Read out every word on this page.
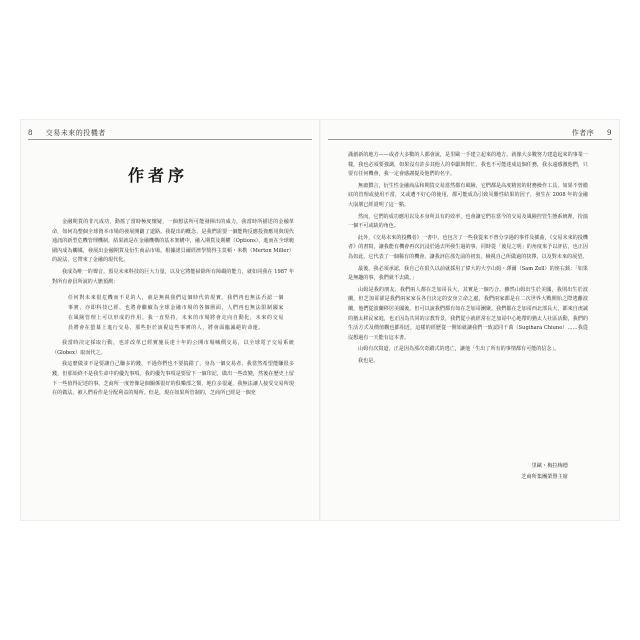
8 交易未來的投機者	作者序 9
作者序

金融期貨的非凡成功，動搖了當時極度懷疑，一個想法所可能發揮出的威力，我當時所描述的金融革命，如何為整個全球資本市場的發展開闢了道路。我提出的概念，是我們需要一個能夠反應投資應用與現代通訊的新型危機管理機制，結果就是在金融機構的基本架構中，融入期貨及期權（Options），進而在全球範圍內成為觸媒，發展出金融期貨及衍生商品市場。根據諾貝爾經濟學獎得主莫頓・米勒（Merton Miller）的說法，它帶來了金融的現代化。

我成為唯一的聲音，預見未來科技的巨大力量，以及它將能掃除所有障礙的能力，就如同我在 1987 年對所有會員所說的大膽預測：

任何對未來很危機而不見的人，就是無視我們這個時代的現實。我們再也無法否認一個事實，亦即科技已經、也將會繼續為全球金融市場的各個層面，人們再也無法限制國家在風險管理上可以形成的作用。我一直堅持，未來的市場將會走向自動化，未來的交易員將會在螢幕上進行交易，那些拒於該視這些事實的人，將會面臨滅絕的命運。

我當時決定採取行動，也許改革已經實施長達十年的公開市場喊價交易，以全球電子交易系統（Globex）取而代之。

我這麼做並不是要讓自己賺多的錢，不過你們也不要搞錯了，身為一個交易者，我當然希望能賺很多錢，但那始終不是我生命中的優先事項。我的優先事項是要留下一個印記，做出一些改變，然後在歷史上留下一些值得記述的事。芝商所一度曾像是個關係很好的俱樂部之類，地位多很遜，我無法讓人接受交易所現在的做法，被人們看作是分配利益的場所。但是，現在如果所管制的，芝商所已經是一個充

滿創新的地方——或者大多數的人都會說，是里歐一手建立起來的地方。就像大多數努力建造起來的事業一樣，我也必須要強調，如果沒有許多其他人的奉獻與幫忙，我也不可能達成這個任務，我永遠感激他們，只要有任何機會，我一定會感謝提及他們的名字。

無庸贅言，衍生性金融商品和期貨交易當然都有風險，它們都是高度精密的財務操作工具，如果不曾徹底的管理或使用不當，又或遭不好心的使用，都可能成為引致災難性結果的因子，發生在 2008 年的金融大崩壞已經證明了這一點。

然而，它們的成功應用以及本身所具有的效率，也會讓它們在當今的交易及風險控管生態系統裡，扮演一個不可或缺的角色。

此外，《交易未來的投機者》一書中，也包含了一些我從來不曾分享過的事件及插曲，《交易未來的投機者》的書寫，讓我能有機會再次沉浸於過去所發生過的事，同時從「後見之明」的角度來予以評估，也正因為如此，它代表了一個稀有的機會，讓我評估那先前的初衷，檢視自己所做過的抉擇，以及對未來的展望。

最後，我必須承認，我自己在很久以前就採用了偉大的大亨山姆・澤爾（Sam Zell）的座右銘：「如果是無趣的事，我們就不去做。」

山姆是我的朋友，我們兩人都在芝加哥長大，其實是一個巧合。雖然山姆出生於美國，我則出生於波蘭，但芝加哥卻是我們兩家家長各自決定的安身立命之處，我們兩家都是在二次世界大戰開始之際逃離波蘭，他們從波蘭移居美國後，但可以說我們都有如在芝加哥團聚。我們都在芝加哥西北部長大，都來自虔誠的猶太移民家庭，也正因為共同的宗教背景，我們從小就經常在芝加哥中心地帶的猶太人社區活動，我們的生活方式及價值觀也都相近，這樣的經歷從一開始就讓我們一致認同千萬（Sugihara Chiune）……我從沒想過有一天能有這本書。

山姆有次寫道，正是因為那次奇蹟式的逃亡，讓他「生出了所有的事情都有可能的信念」。

我也是。

里歐・梅拉梅德
芝商所集團榮譽主席
